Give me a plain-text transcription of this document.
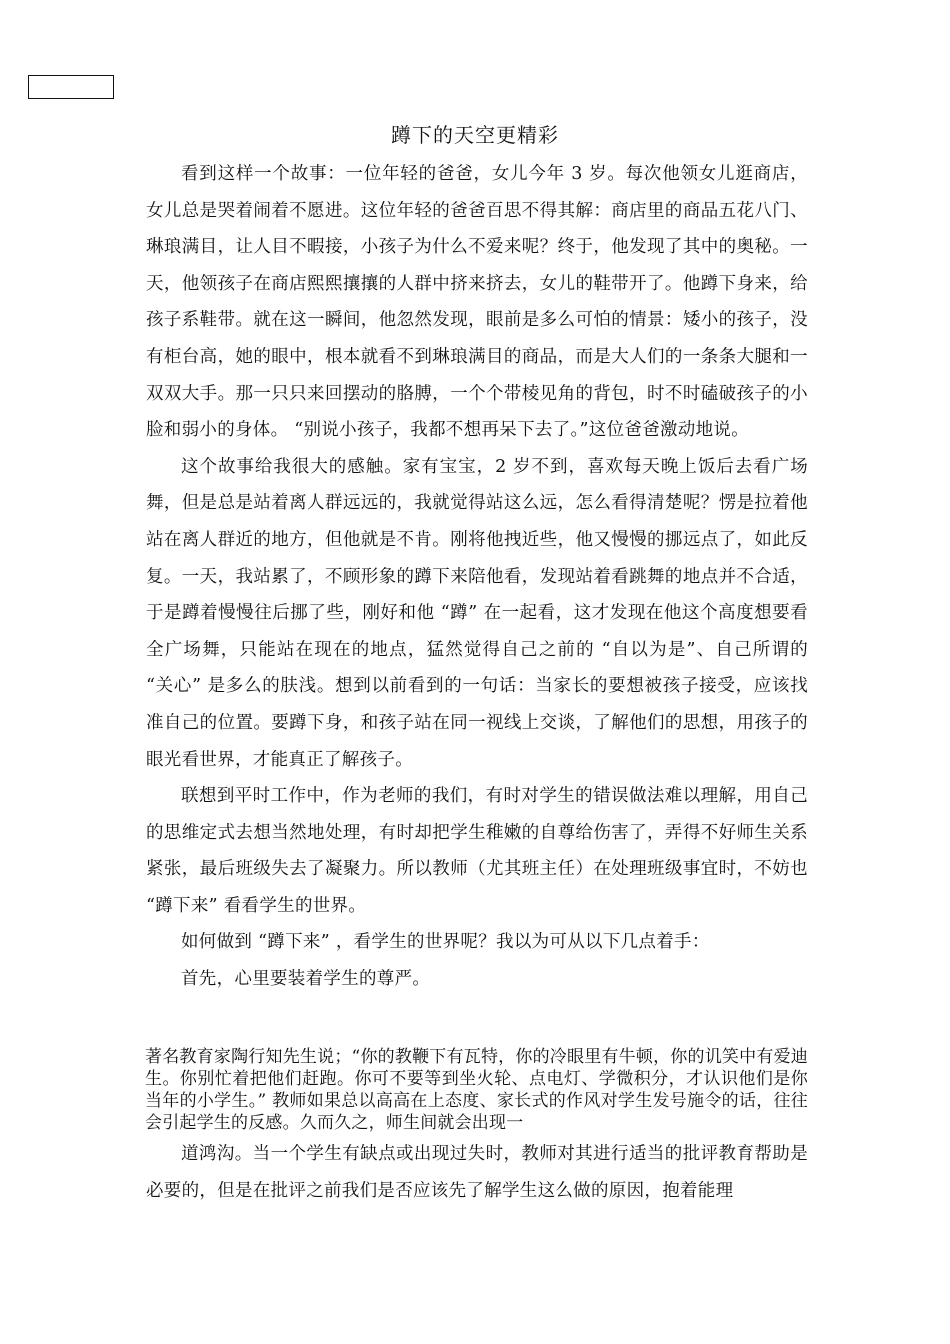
蹲下的天空更精彩

看到这样一个故事：一位年轻的爸爸，女儿今年 3 岁。每次他领女儿逛商店，女儿总是哭着闹着不愿进。这位年轻的爸爸百思不得其解：商店里的商品五花八门、琳琅满目，让人目不暇接，小孩子为什么不爱来呢？终于，他发现了其中的奥秘。一天，他领孩子在商店熙熙攘攘的人群中挤来挤去，女儿的鞋带开了。他蹲下身来，给孩子系鞋带。就在这一瞬间，他忽然发现，眼前是多么可怕的情景：矮小的孩子，没有柜台高，她的眼中，根本就看不到琳琅满目的商品，而是大人们的一条条大腿和一双双大手。那一只只来回摆动的胳膊，一个个带棱见角的背包，时不时磕破孩子的小脸和弱小的身体。 “别说小孩子，我都不想再呆下去了。”这位爸爸激动地说。

这个故事给我很大的感触。家有宝宝，2 岁不到，喜欢每天晚上饭后去看广场舞，但是总是站着离人群远远的，我就觉得站这么远，怎么看得清楚呢？愣是拉着他站在离人群近的地方，但他就是不肯。刚将他拽近些，他又慢慢的挪远点了，如此反复。一天，我站累了，不顾形象的蹲下来陪他看，发现站着看跳舞的地点并不合适，于是蹲着慢慢往后挪了些，刚好和他 “蹲” 在一起看，这才发现在他这个高度想要看全广场舞，只能站在现在的地点，猛然觉得自己之前的 “自以为是”、自己所谓的 “关心” 是多么的肤浅。想到以前看到的一句话：当家长的要想被孩子接受，应该找准自己的位置。要蹲下身，和孩子站在同一视线上交谈，了解他们的思想，用孩子的眼光看世界，才能真正了解孩子。

联想到平时工作中，作为老师的我们，有时对学生的错误做法难以理解，用自己的思维定式去想当然地处理，有时却把学生稚嫩的自尊给伤害了，弄得不好师生关系紧张，最后班级失去了凝聚力。所以教师（尤其班主任）在处理班级事宜时，不妨也 “蹲下来” 看看学生的世界。

如何做到 “蹲下来” ，看学生的世界呢？我以为可从以下几点着手：

首先，心里要装着学生的尊严。

著名教育家陶行知先生说；“你的教鞭下有瓦特，你的冷眼里有牛顿，你的讥笑中有爱迪生。你别忙着把他们赶跑。你可不要等到坐火轮、点电灯、学微积分，才认识他们是你当年的小学生。” 教师如果总以高高在上态度、家长式的作风对学生发号施令的话，往往会引起学生的反感。久而久之，师生间就会出现一

道鸿沟。当一个学生有缺点或出现过失时，教师对其进行适当的批评教育帮助是必要的，但是在批评之前我们是否应该先了解学生这么做的原因，抱着能理
